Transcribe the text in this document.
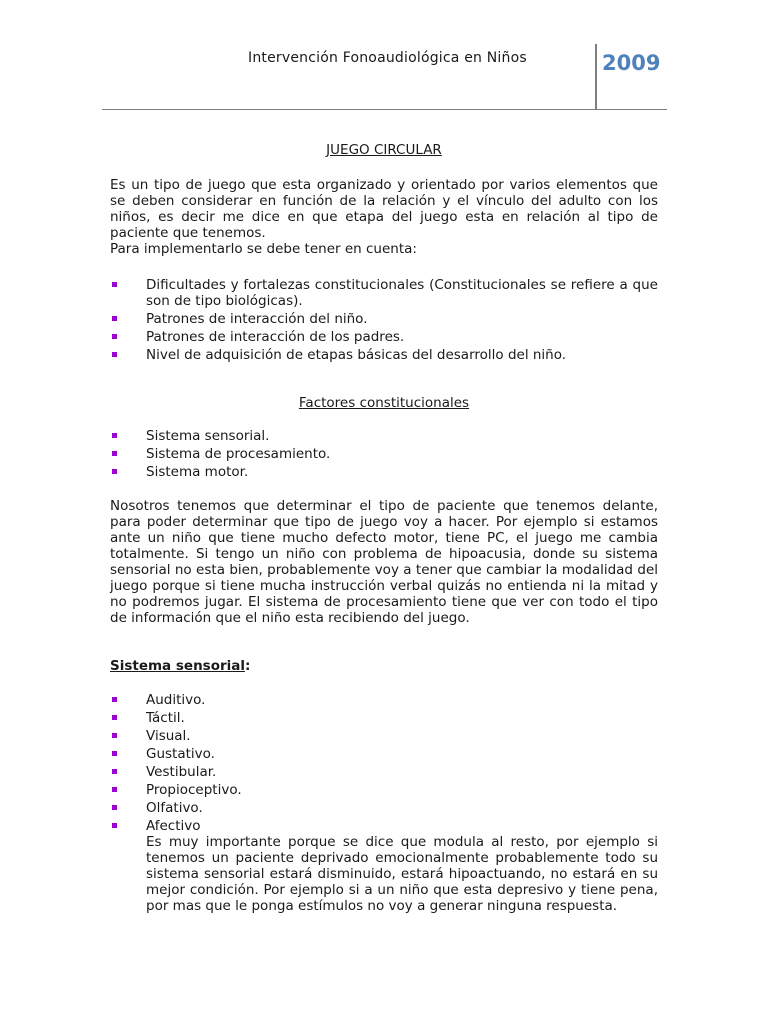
Intervención Fonoaudiológica en Niños	2009
JUEGO CIRCULAR

Es un tipo de juego que esta organizado y orientado por varios elementos que se deben considerar en función de la relación y el vínculo del adulto con los niños, es decir me dice en que etapa del juego esta en relación al tipo de paciente que tenemos.

Para implementarlo se debe tener en cuenta:

Dificultades y fortalezas constitucionales (Constitucionales se refiere a que son de tipo biológicas).
Patrones de interacción del niño.
Patrones de interacción de los padres.
Nivel de adquisición de etapas básicas del desarrollo del niño.
Factores constitucionales
Sistema sensorial.
Sistema de procesamiento.
Sistema motor.

Nosotros tenemos que determinar el tipo de paciente que tenemos delante, para poder determinar que tipo de juego voy a hacer. Por ejemplo si estamos ante un niño que tiene mucho defecto motor, tiene PC, el juego me cambia totalmente. Si tengo un niño con problema de hipoacusia, donde su sistema sensorial no esta bien, probablemente voy a tener que cambiar la modalidad del juego porque si tiene mucha instrucción verbal quizás no entienda ni la mitad y no podremos jugar. El sistema de procesamiento tiene que ver con todo el tipo de información que el niño esta recibiendo del juego.

Sistema sensorial:
Auditivo.
Táctil.
Visual.
Gustativo.
Vestibular.
Propioceptivo.
Olfativo.
Afectivo
Es muy importante porque se dice que modula al resto, por ejemplo si tenemos un paciente deprivado emocionalmente probablemente todo su sistema sensorial estará disminuido, estará hipoactuando, no estará en su mejor condición. Por ejemplo si a un niño que esta depresivo y tiene pena, por mas que le ponga estímulos no voy a generar ninguna respuesta.
